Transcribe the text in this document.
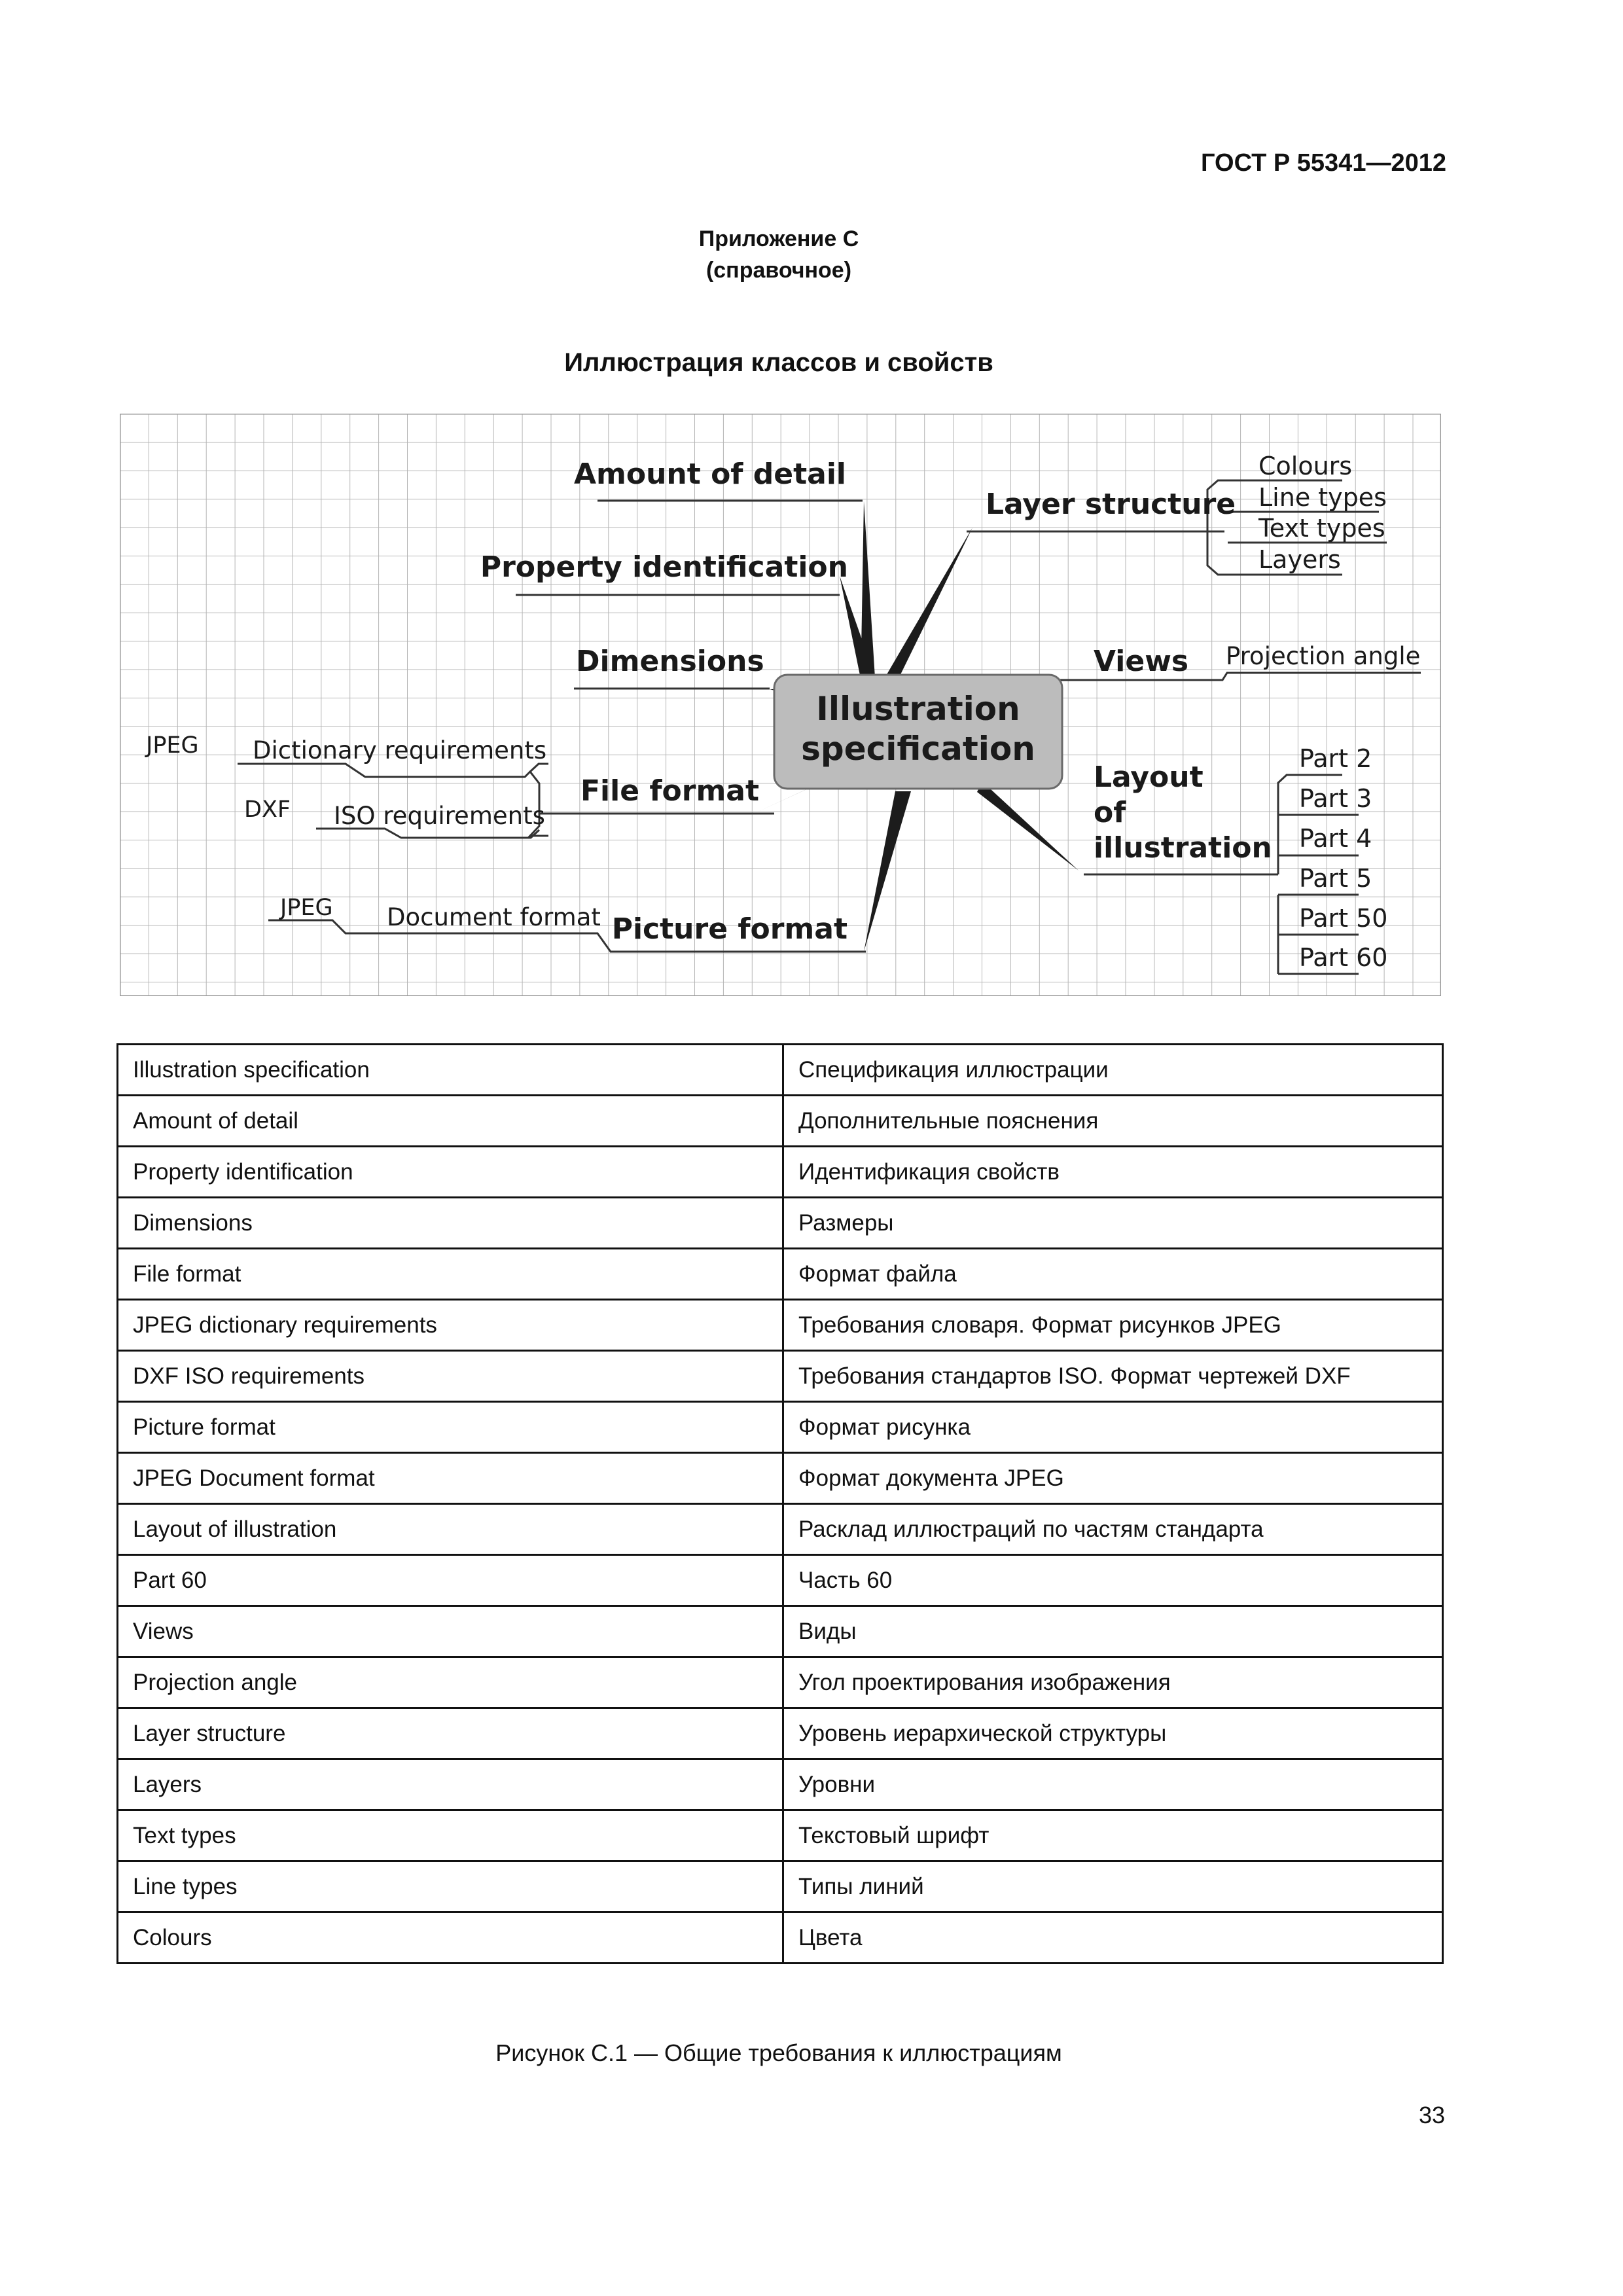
ГОСТ Р 55341—2012

Приложение С

(справочное)

Иллюстрация классов и свойств

Illustration
specification
Amount of detail
Property identification
Dimensions
File format
Dictionary requirements
ISO requirements
JPEG
DXF
Picture format
Document format
JPEG
Layer structure
Colours
Line types
Text types
Layers
Views Projection angle
Layout
of
illustration
Part 2
Part 3
Part 4
Part 5
Part 50
Part 60
Illustration specification	Спецификация иллюстрации
Amount of detail	Дополнительные пояснения
Property identification	Идентификация свойств
Dimensions	Размеры
File format	Формат файла
JPEG dictionary requirements	Требования словаря. Формат рисунков JPEG
DXF ISO requirements	Требования стандартов ISO. Формат чертежей DXF
Picture format	Формат рисунка
JPEG Document format	Формат документа JPEG
Layout of illustration	Расклад иллюстраций по частям стандарта
Part 60	Часть 60
Views	Виды
Projection angle	Угол проектирования изображения
Layer structure	Уровень иерархической структуры
Layers	Уровни
Text types	Текстовый шрифт
Line types	Типы линий
Colours	Цвета

Рисунок С.1 — Общие требования к иллюстрациям

33
